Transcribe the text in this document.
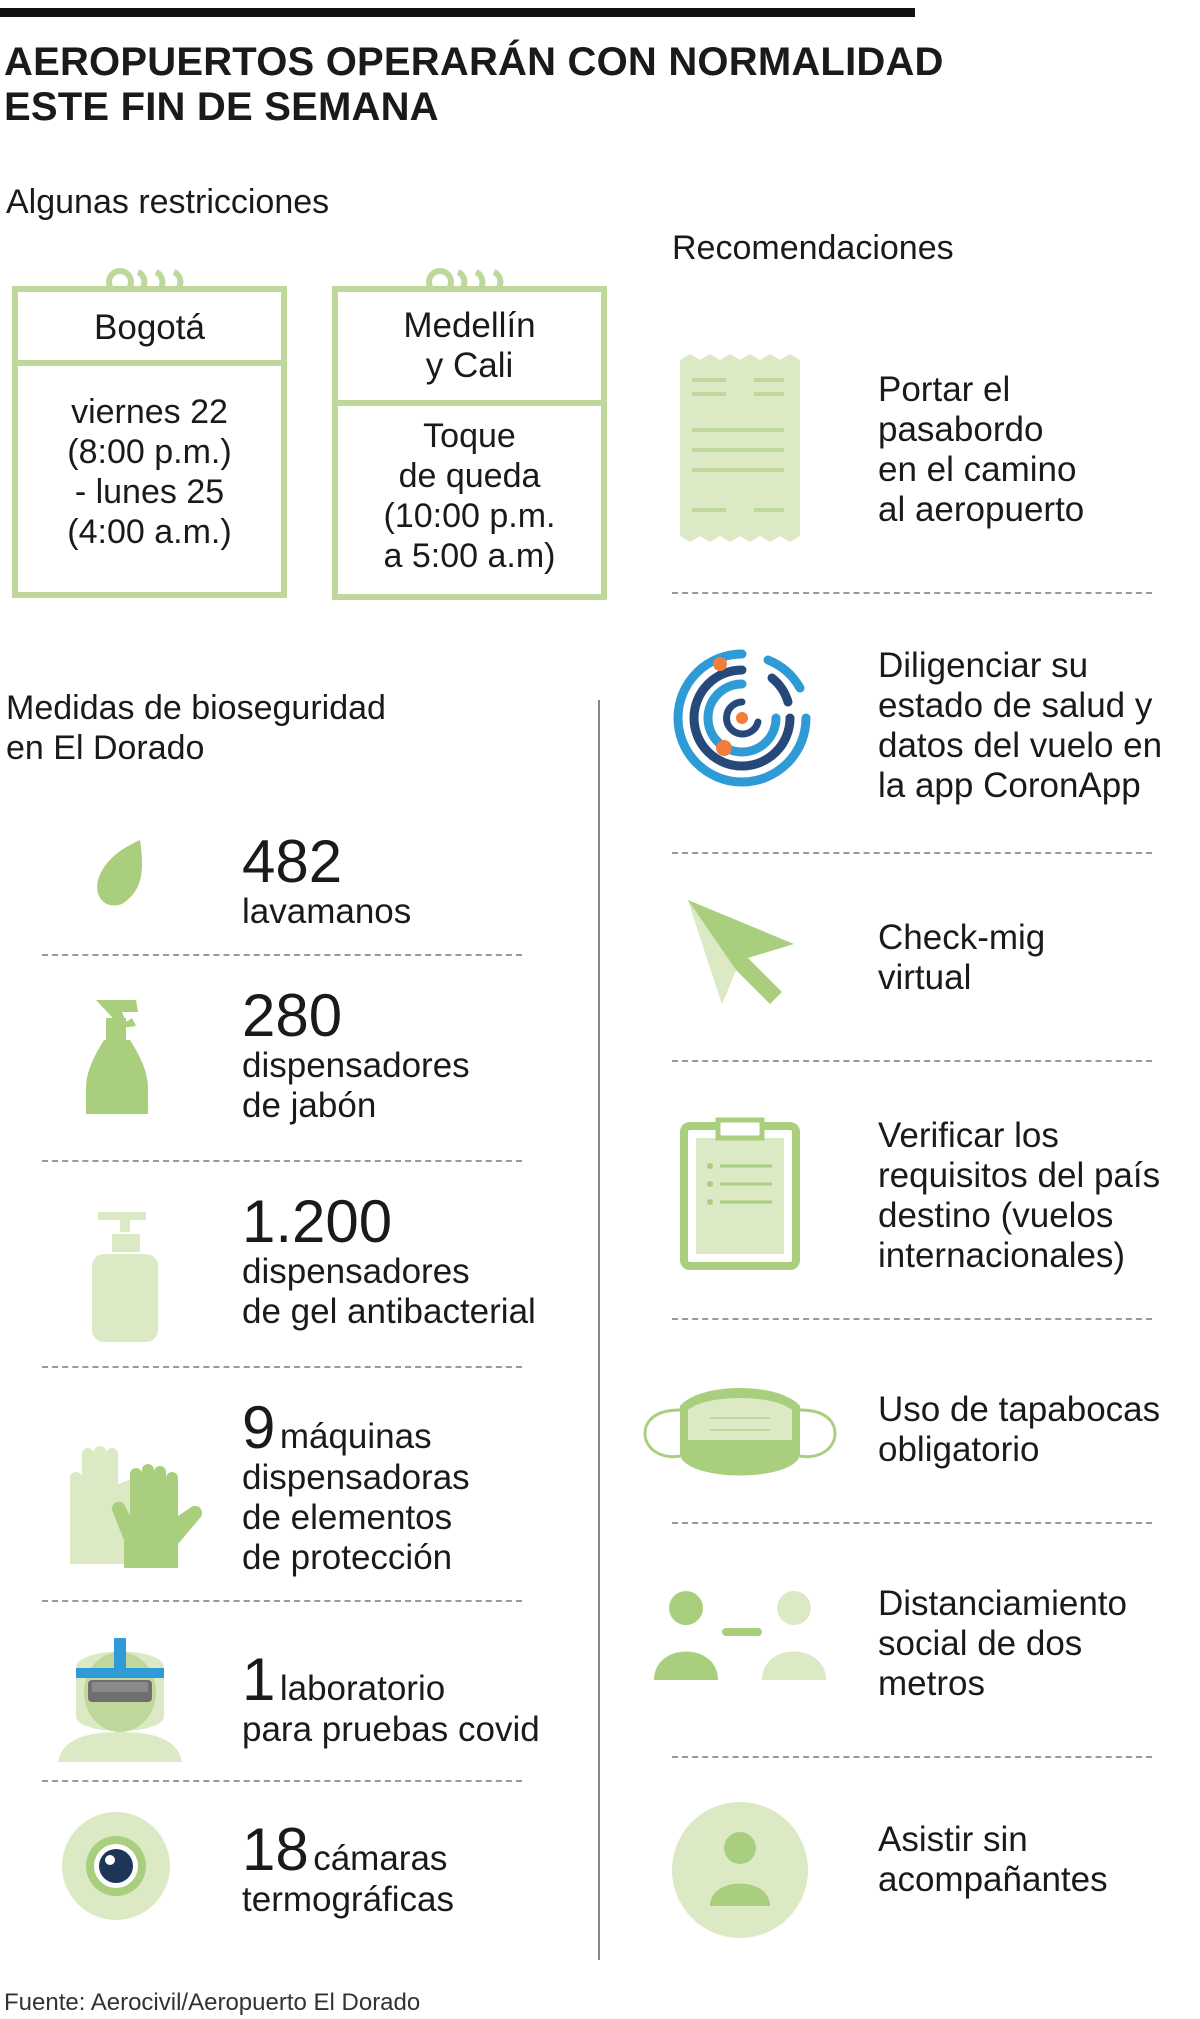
AEROPUERTOS OPERARÁN CON NORMALIDAD
ESTE FIN DE SEMANA
Algunas restricciones
Bogotá
viernes 22
(8:00 p.m.)
- lunes 25
(4:00 a.m.)
Medellín
y Cali
Toque
de queda
(10:00 p.m.
a 5:00 a.m)
Medidas de bioseguridad
en El Dorado
482
lavamanos
280
dispensadores
de jabón
1.200
dispensadores
de gel antibacterial
9 máquinas
dispensadoras
de elementos
de protección
1 laboratorio
para pruebas covid
18 cámaras
termográficas
Recomendaciones
Portar el
pasabordo
en el camino
al aeropuerto
Diligenciar su
estado de salud y
datos del vuelo en
la app CoronApp
Check-mig
virtual
Verificar los
requisitos del país
destino (vuelos
internacionales)
Uso de tapabocas
obligatorio
Distanciamiento
social de dos
metros
Asistir sin
acompañantes
Fuente: Aerocivil/Aeropuerto El Dorado
